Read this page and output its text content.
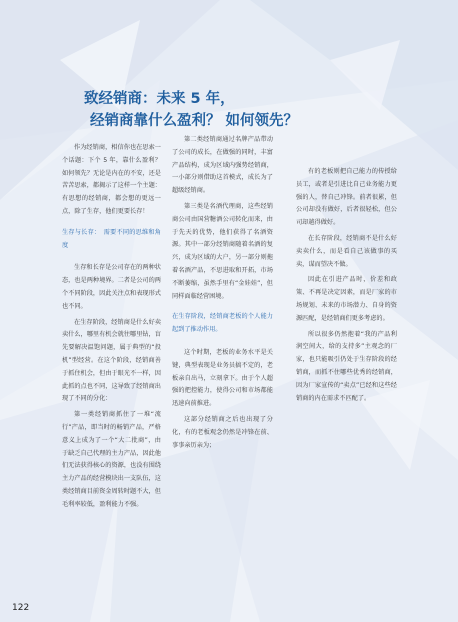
致经销商：未来 5 年，
经销商靠什么盈利？ 如何领先？

作为经销商，相信你也在思索一个话题：下个 5 年，靠什么盈利？如何领先？无论是内在的不安，还是苦苦思索，都揭示了这样一个主题：有思想的经销商，都会想的更远一点，除了生存，他们更要长存！

生存与长存：　需要不同的思维和角度

生存和长存是公司存在的两种状态，也是两种境界。二者是公司的两个不同阶段，因此关注点和表现形式也不同。

在生存阶段，经销商是什么好卖卖什么，哪里有机会就往哪里钻，盲先要解决温饱问题，属于典型的“投机”型经营。在这个阶段，经销商善于抓住机会，但由于眼光不一样，因此抓的点也不同，这导致了经销商出现了不同的分化：

第一类经销商抓住了一堆“流行”产品，即当时的畅销产品，严格意义上成为了一个“大二批商”，由于缺乏自己代理的主力产品，因此他们无法获得核心的资源，也没有围绕主力产品的经营模块出一支队伍，这类经销商目前资金周转时题不大，但毛利率较低，盈利能力不强。

第二类经销商通过名牌产品带动了公司的成长，在做强的同时，丰富产品结构，成为区域内强势经销商，一小部分则借助这首模式，成长为了超级经销商。

第三类是名酒代理商，这些经销商公司由国营糖酒公司转化而来，由于先天的优势，他们获得了名酒资源。其中一部分经销商随着名酒的复兴，成为区域的大户，另一部分则拖着名酒产品，不思进取和开拓，市场不断萎缩，虽然手里有“金娃娃”，但同样面临经营困境。

在生存阶段，经销商老板的个人能力起到了推动作用。

这个时期，老板的业务水平是关键，典型表现是业务员搞不定的，老板亲自出马，立刻拿下。由于个人超强的把控能力，使得公司和市场都能迅速向前推进。

这部分经销商之后也出现了分化，有的老板观念仍然是冲锋在前、事事亲历亲为；

有的老板则把自己能力的传授给员工，或者是引进比自己业务能力更强的人，替自己冲锋。前者很累，但公司却没有做好，后者很轻松，但公司却越得做好。

在长存阶段，经销商不是什么好卖卖什么，而是看自己该做事的买卖，谋而望决不做。

因此在引进产品时，价差和政策、不再是决定因素，而是厂家的市场规划、未来的市场潜力、自身的资源匹配，是经销商们更多考虑的。

所以很多仍然抱着“我的产品利润空间大，给的支持多”主观念的厂家，也只能吸引仍处于生存阶段的经销商，而抓不住哪些优秀的经销商，因为厂家宣传的“卖点”已经和这些经销商的内在需求不匹配了。

122
